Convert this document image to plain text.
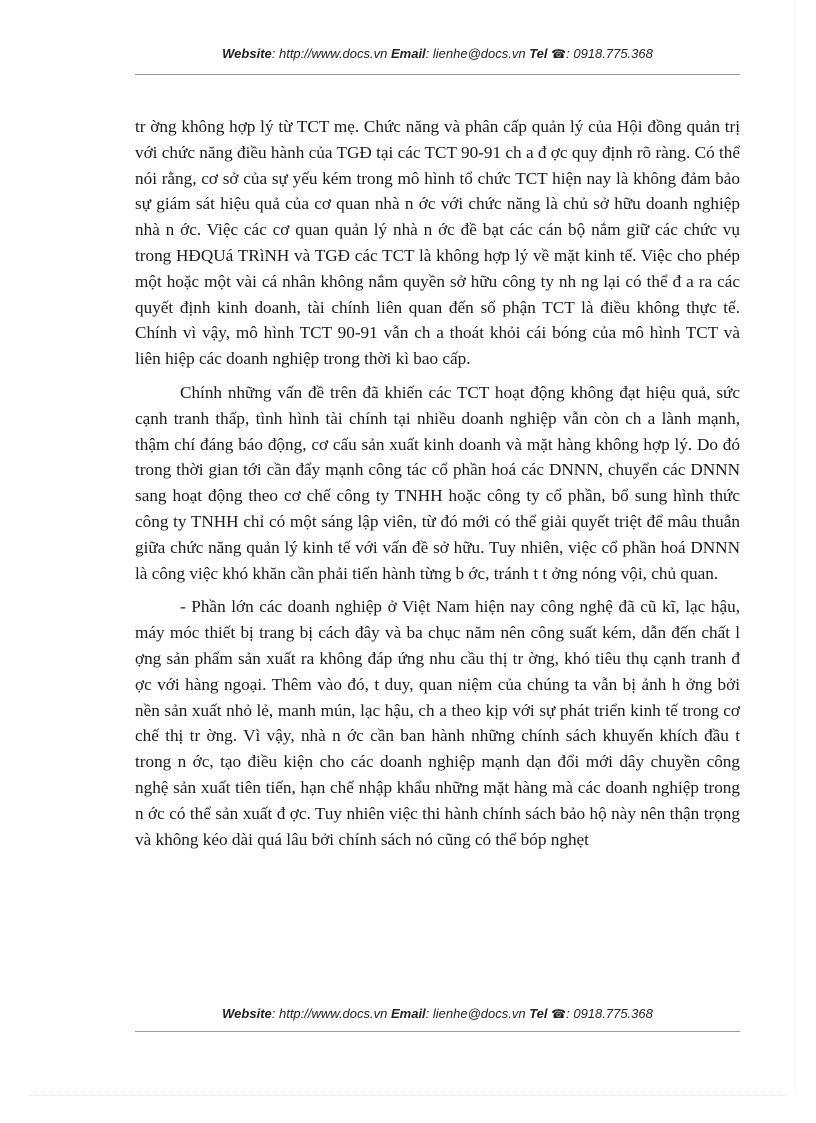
Website: http://www.docs.vn Email: lienhe@docs.vn Tel ☎: 0918.775.368

tr ờng không hợp lý từ TCT mẹ. Chức năng và phân cấp quản lý của Hội đồng quản trị với chức năng điều hành của TGĐ tại các TCT 90-91 ch a đ ợc quy định rõ ràng. Có thể nói rằng, cơ sở của sự yếu kém trong mô hình tổ chức TCT hiện nay là không đảm bảo sự giám sát hiệu quả của cơ quan nhà n ớc với chức năng là chủ sở hữu doanh nghiệp nhà n ớc. Việc các cơ quan quản lý nhà n ớc đề bạt các cán bộ nắm giữ các chức vụ trong HĐQUá TRìNH và TGĐ các TCT là không hợp lý về mặt kinh tế. Việc cho phép một hoặc một vài cá nhân không nắm quyền sở hữu công ty nh ng lại có thể đ a ra các quyết định kinh doanh, tài chính liên quan đến số phận TCT là điều không thực tế. Chính vì vậy, mô hình TCT 90-91 vẫn ch a thoát khỏi cái bóng của mô hình TCT và liên hiệp các doanh nghiệp trong thời kì bao cấp.

Chính những vấn đề trên đã khiến các TCT hoạt động không đạt hiệu quả, sức cạnh tranh thấp, tình hình tài chính tại nhiều doanh nghiệp vẫn còn ch a lành mạnh, thậm chí đáng báo động, cơ cấu sản xuất kinh doanh và mặt hàng không hợp lý. Do đó trong thời gian tới cần đẩy mạnh công tác cổ phần hoá các DNNN, chuyển các DNNN sang hoạt động theo cơ chế công ty TNHH hoặc công ty cổ phần, bổ sung hình thức công ty TNHH chỉ có một sáng lập viên, từ đó mới có thể giải quyết triệt để mâu thuẫn giữa chức năng quản lý kinh tế với vấn đề sở hữu. Tuy nhiên, việc cổ phần hoá DNNN là công việc khó khăn cần phải tiến hành từng b ớc, tránh t t ởng nóng vội, chủ quan.

- Phần lớn các doanh nghiệp ở Việt Nam hiện nay công nghệ đã cũ kĩ, lạc hậu, máy móc thiết bị trang bị cách đây và ba chục năm nên công suất kém, dẫn đến chất l ợng sản phẩm sản xuất ra không đáp ứng nhu cầu thị tr ờng, khó tiêu thụ cạnh tranh đ ợc với hàng ngoại. Thêm vào đó, t duy, quan niệm của chúng ta vẫn bị ảnh h ởng bởi nền sản xuất nhỏ lẻ, manh mún, lạc hậu, ch a theo kịp với sự phát triển kinh tế trong cơ chế thị tr ờng. Vì vậy, nhà n ớc cần ban hành những chính sách khuyến khích đầu t trong n ớc, tạo điều kiện cho các doanh nghiệp mạnh dạn đổi mới dây chuyền công nghệ sản xuất tiên tiến, hạn chế nhập khẩu những mặt hàng mà các doanh nghiệp trong n ớc có thể sản xuất đ ợc. Tuy nhiên việc thi hành chính sách bảo hộ này nên thận trọng và không kéo dài quá lâu bởi chính sách nó cũng có thể bóp nghẹt

Website: http://www.docs.vn Email: lienhe@docs.vn Tel ☎: 0918.775.368
